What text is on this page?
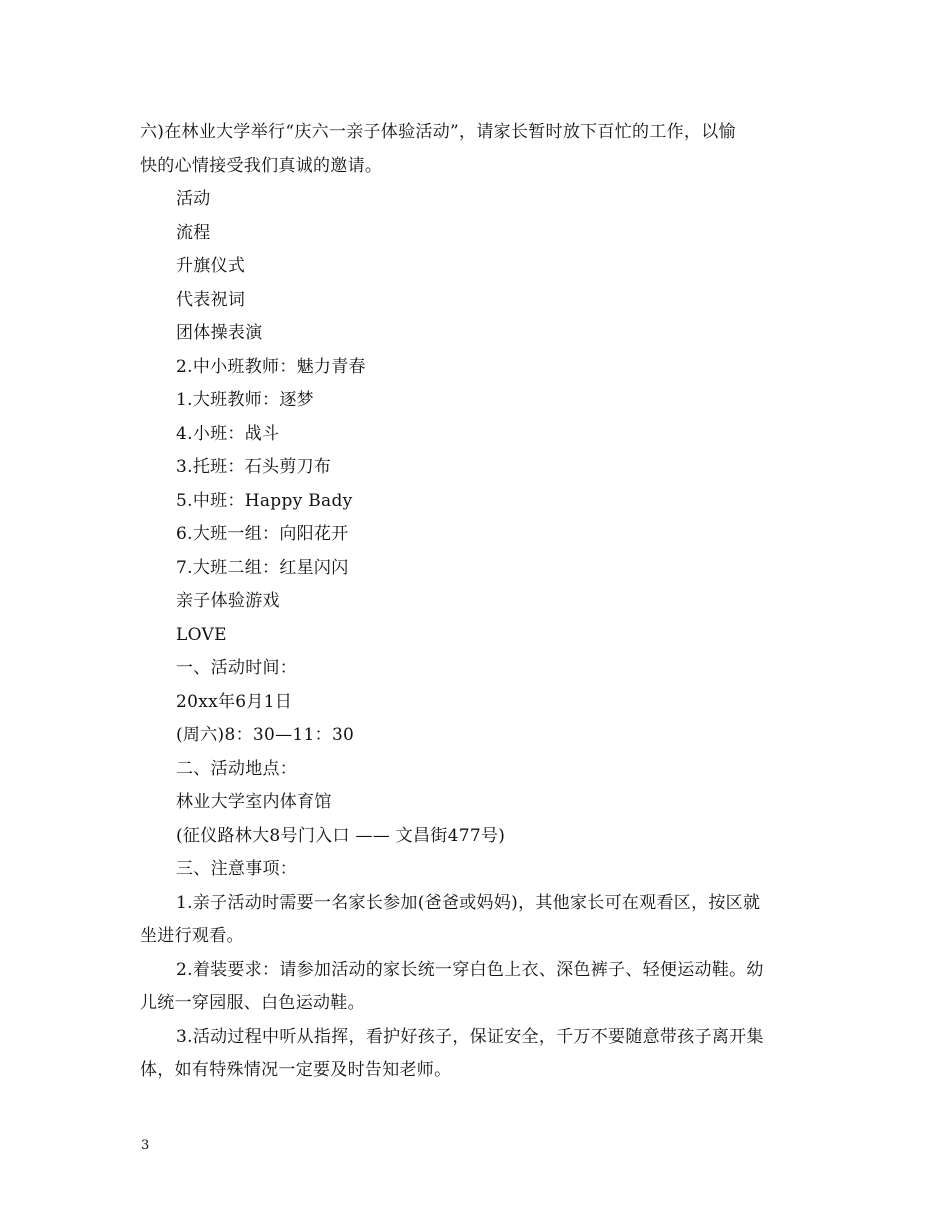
六)在林业大学举行“庆六一亲子体验活动”，请家长暂时放下百忙的工作，以愉
快的心情接受我们真诚的邀请。
活动
流程
升旗仪式
代表祝词
团体操表演
2.中小班教师：魅力青春
1.大班教师：逐梦
4.小班：战斗
3.托班：石头剪刀布
5.中班：Happy Bady
6.大班一组：向阳花开
7.大班二组：红星闪闪
亲子体验游戏
LOVE
一、活动时间：
20xx年6月1日
(周六)8：30—11：30
二、活动地点：
林业大学室内体育馆
(征仪路林大8号门入口 —— 文昌街477号)
三、注意事项：
1.亲子活动时需要一名家长参加(爸爸或妈妈)，其他家长可在观看区，按区就
坐进行观看。
2.着装要求：请参加活动的家长统一穿白色上衣、深色裤子、轻便运动鞋。幼
儿统一穿园服、白色运动鞋。
3.活动过程中听从指挥，看护好孩子，保证安全，千万不要随意带孩子离开集
体，如有特殊情况一定要及时告知老师。
3
